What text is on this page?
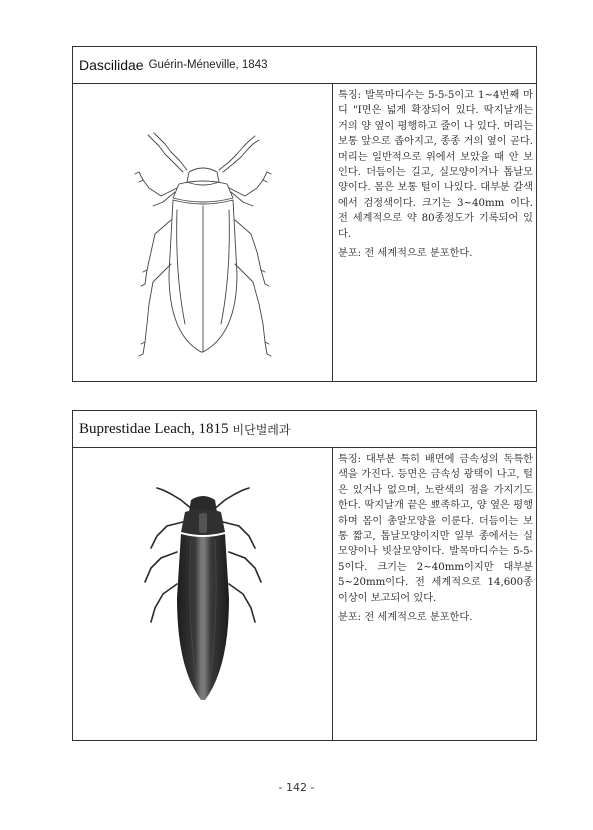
Dascilidae Guérin-Méneville, 1843

특징: 발목마디수는 5-5-5이고 1~4번째 마디 "I면은 넓게 확장되어 있다. 딱지날개는 거의 양 옆이 평행하고 줄이 나 있다. 머리는 보통 앞으로 좁아지고, 종종 거의 옆이 곧다. 머리는 일반적으로 위에서 보았을 때 안 보인다. 더듬이는 길고, 실모양이거나 톱날모양이다. 몸은 보통 털이 나있다. 대부분 갈색에서 검정색이다. 크기는 3~40mm 이다. 전 세계적으로 약 80종정도가 기록되어 있다.

분포: 전 세계적으로 분포한다.

Buprestidae Leach, 1815 비단벌레과

특징: 대부분 특히 배면에 금속성의 독특한 색을 가진다. 등면은 금속성 광택이 나고, 털은 있거나 없으며, 노란색의 점을 가지기도 한다. 딱지날개 끝은 뾰족하고, 양 옆은 평행하며 몸이 총알모양을 이룬다. 더듬이는 보통 짧고, 톱날모양이지만 일부 종에서는 실모양이나 빗살모양이다. 발목마디수는 5-5-5이다. 크기는 2~40mm이지만 대부분 5~20mm이다. 전 세계적으로 14,600종 이상이 보고되어 있다.

분포: 전 세계적으로 분포한다.

- 142 -
